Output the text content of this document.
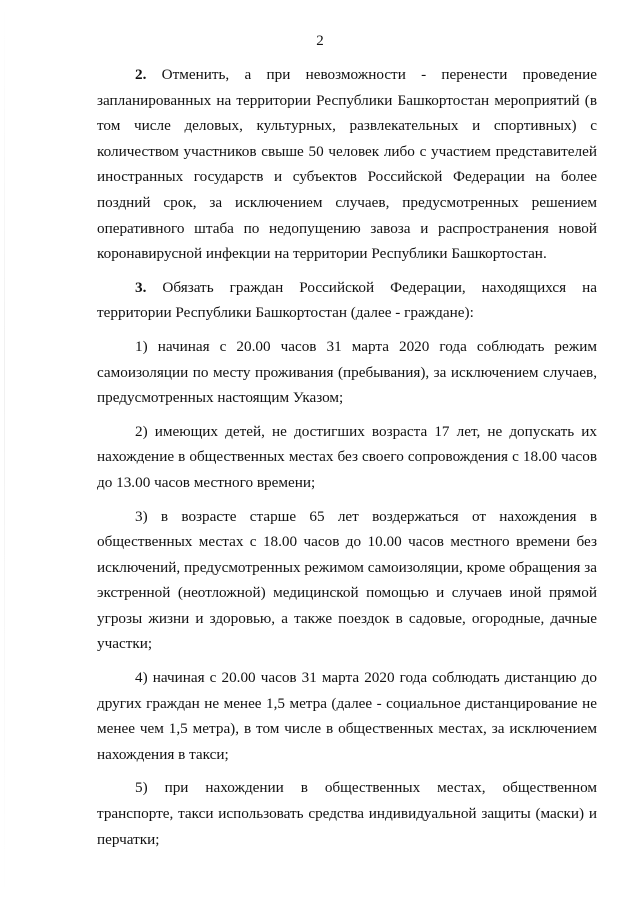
2

2. Отменить, а при невозможности - перенести проведение запланированных на территории Республики Башкортостан мероприятий (в том числе деловых, культурных, развлекательных и спортивных) с количеством участников свыше 50 человек либо с участием представителей иностранных государств и субъектов Российской Федерации на более поздний срок, за исключением случаев, предусмотренных решением оперативного штаба по недопущению завоза и распространения новой коронавирусной инфекции на территории Республики Башкортостан.

3. Обязать граждан Российской Федерации, находящихся на территории Республики Башкортостан (далее - граждане):

1) начиная с 20.00 часов 31 марта 2020 года соблюдать режим самоизоляции по месту проживания (пребывания), за исключением случаев, предусмотренных настоящим Указом;

2) имеющих детей, не достигших возраста 17 лет, не допускать их нахождение в общественных местах без своего сопровождения с 18.00 часов до 13.00 часов местного времени;

3) в возрасте старше 65 лет воздержаться от нахождения в общественных местах с 18.00 часов до 10.00 часов местного времени без исключений, предусмотренных режимом самоизоляции, кроме обращения за экстренной (неотложной) медицинской помощью и случаев иной прямой угрозы жизни и здоровью, а также поездок в садовые, огородные, дачные участки;

4) начиная с 20.00 часов 31 марта 2020 года соблюдать дистанцию до других граждан не менее 1,5 метра (далее - социальное дистанцирование не менее чем 1,5 метра), в том числе в общественных местах, за исключением нахождения в такси;

5) при нахождении в общественных местах, общественном транспорте, такси использовать средства индивидуальной защиты (маски) и перчатки;
